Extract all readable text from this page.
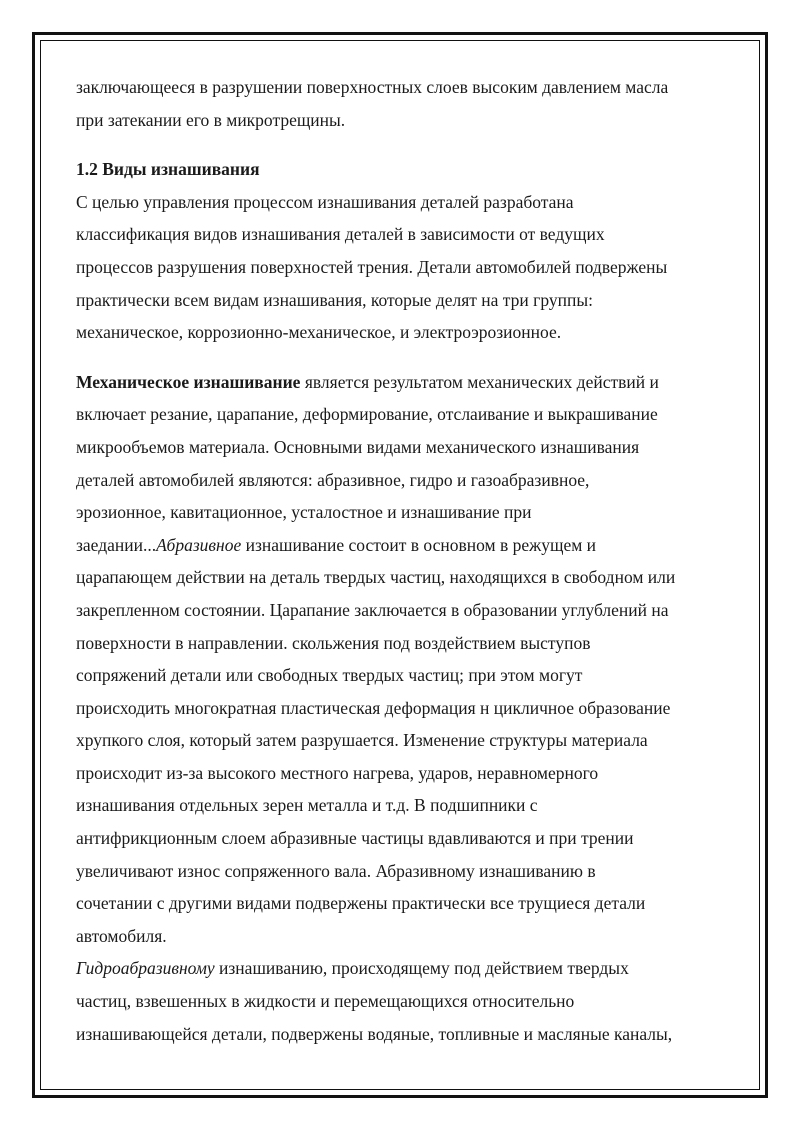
заключающееся в разрушении поверхностных слоев высоким давлением масла
при затекании его в микротрещины.
1.2 Виды изнашивания
С целью управления процессом изнашивания деталей разработана
классификация видов изнашивания деталей в зависимости от ведущих
процессов разрушения поверхностей трения. Детали автомобилей подвержены
практически всем видам изнашивания, которые делят на три группы:
механическое, коррозионно-механическое, и электроэрозионное.
Механическое изнашивание является результатом механических действий и
включает резание, царапание, деформирование, отслаивание и выкрашивание
микрообъемов материала. Основными видами механического изнашивания
деталей автомобилей являются: абразивное, гидро и газоабразивное,
эрозионное, кавитационное, усталостное и изнашивание при
заедании...Абразивное изнашивание состоит в основном в режущем и
царапающем действии на деталь твердых частиц, находящихся в свободном или
закрепленном состоянии. Царапание заключается в образовании углублений на
поверхности в направлении. скольжения под воздействием выступов
сопряжений детали или свободных твердых частиц; при этом могут
происходить многократная пластическая деформация н цикличное образование
хрупкого слоя, который затем разрушается. Изменение структуры материала
происходит из-за высокого местного нагрева, ударов, неравномерного
изнашивания отдельных зерен металла и т.д. В подшипники с
антифрикционным слоем абразивные частицы вдавливаются и при трении
увеличивают износ сопряженного вала. Абразивному изнашиванию в
сочетании с другими видами подвержены практически все трущиеся детали
автомобиля.
Гидроабразивному изнашиванию, происходящему под действием твердых
частиц, взвешенных в жидкости и перемещающихся относительно
изнашивающейся детали, подвержены водяные, топливные и масляные каналы,
